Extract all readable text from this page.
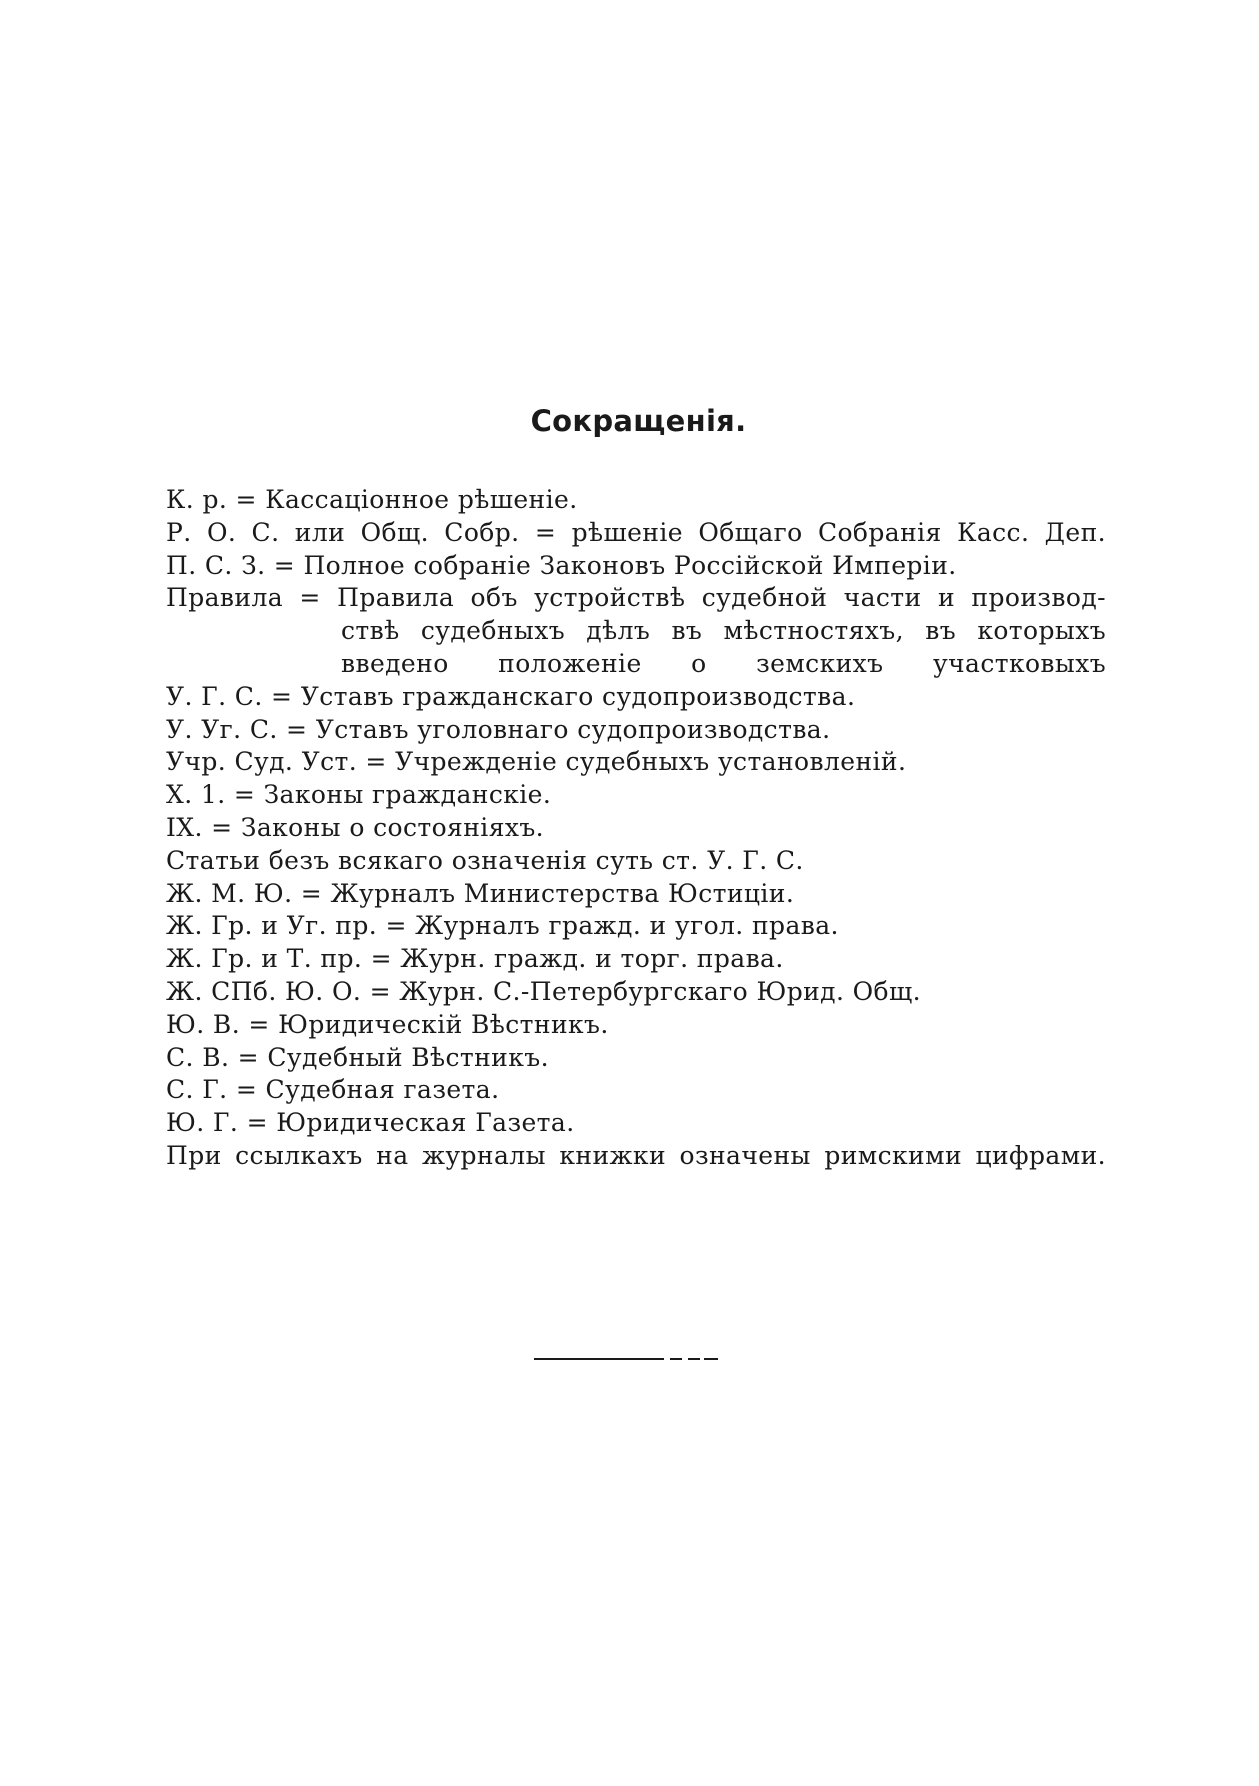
Сокращенія.
К. р. = Кассаціонное рѣшеніе.
Р. О. С. или Общ. Собр. = рѣшеніе Общаго Собранія Касс. Деп.
П. С. З. = Полное собраніе Законовъ Россійской Имперіи.
Правила = Правила объ устройствѣ судебной части и производ-
ствѣ судебныхъ дѣлъ въ мѣстностяхъ, въ которыхъ
введено положеніе о земскихъ участковыхъ
У. Г. С. = Уставъ гражданскаго судопроизводства.
У. Уг. С. = Уставъ уголовнаго судопроизводства.
Учр. Суд. Уст. = Учрежденіе судебныхъ установленій.
Х. 1. = Законы гражданскіе.
IX. = Законы о состояніяхъ.
Статьи безъ всякаго означенія суть ст. У. Г. С.
Ж. М. Ю. = Журналъ Министерства Юстиціи.
Ж. Гр. и Уг. пр. = Журналъ гражд. и угол. права.
Ж. Гр. и Т. пр. = Журн. гражд. и торг. права.
Ж. СПб. Ю. О. = Журн. С.-Петербургскаго Юрид. Общ.
Ю. В. = Юридическій Вѣстникъ.
С. В. = Судебный Вѣстникъ.
С. Г. = Судебная газета.
Ю. Г. = Юридическая Газета.
При ссылкахъ на журналы книжки означены римскими цифрами.
